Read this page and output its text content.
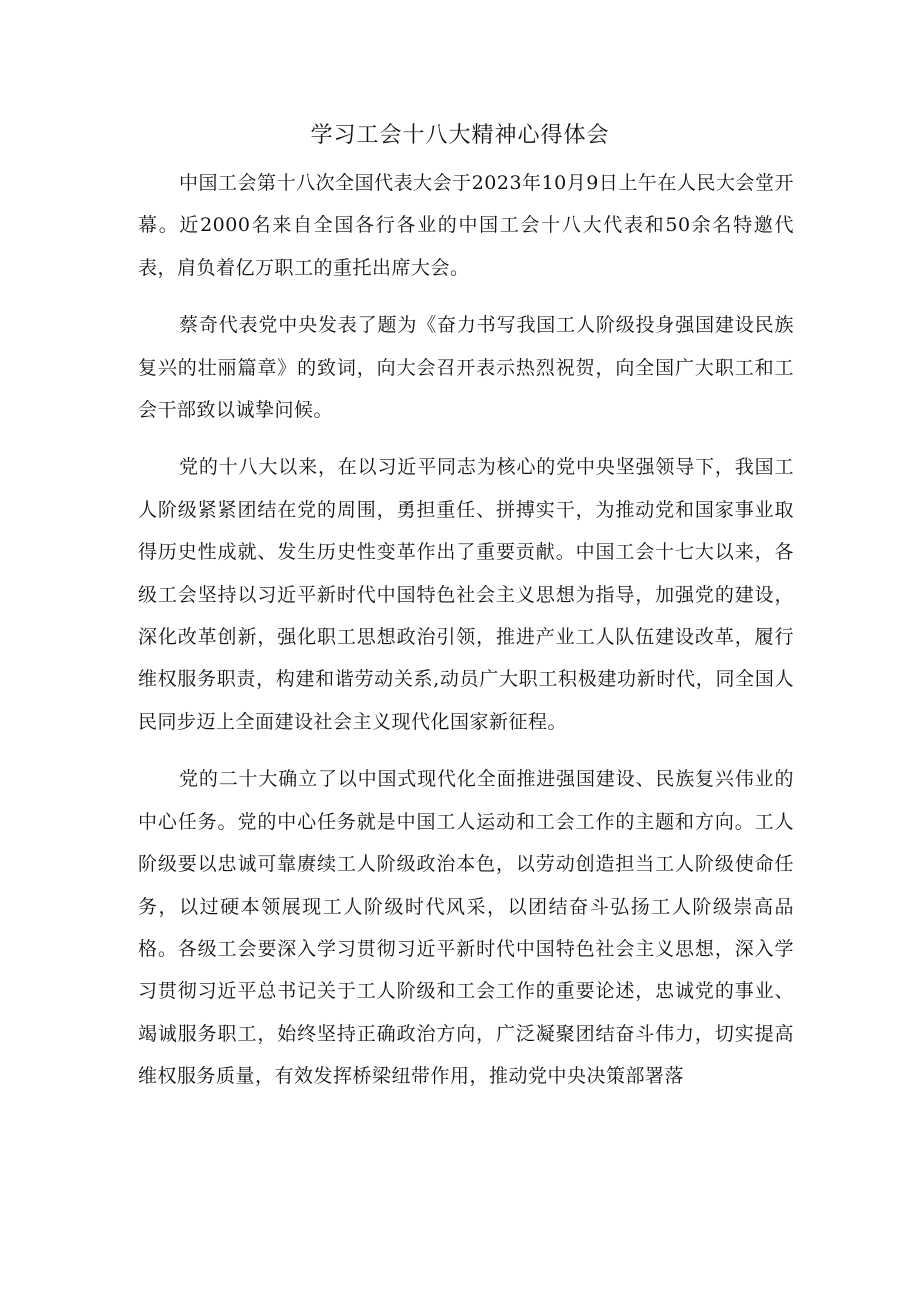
学习工会十八大精神心得体会

中国工会第十八次全国代表大会于2023年10月9日上午在人民大会堂开幕。近2000名来自全国各行各业的中国工会十八大代表和50余名特邀代表，肩负着亿万职工的重托出席大会。

蔡奇代表党中央发表了题为《奋力书写我国工人阶级投身强国建设民族复兴的壮丽篇章》的致词，向大会召开表示热烈祝贺，向全国广大职工和工会干部致以诚挚问候。

党的十八大以来，在以习近平同志为核心的党中央坚强领导下，我国工人阶级紧紧团结在党的周围，勇担重任、拼搏实干，为推动党和国家事业取得历史性成就、发生历史性变革作出了重要贡献。中国工会十七大以来，各级工会坚持以习近平新时代中国特色社会主义思想为指导，加强党的建设，深化改革创新，强化职工思想政治引领，推进产业工人队伍建设改革，履行维权服务职责，构建和谐劳动关系,动员广大职工积极建功新时代，同全国人民同步迈上全面建设社会主义现代化国家新征程。

党的二十大确立了以中国式现代化全面推进强国建设、民族复兴伟业的中心任务。党的中心任务就是中国工人运动和工会工作的主题和方向。工人阶级要以忠诚可靠赓续工人阶级政治本色，以劳动创造担当工人阶级使命任务，以过硬本领展现工人阶级时代风采，以团结奋斗弘扬工人阶级崇高品格。各级工会要深入学习贯彻习近平新时代中国特色社会主义思想，深入学习贯彻习近平总书记关于工人阶级和工会工作的重要论述，忠诚党的事业、竭诚服务职工，始终坚持正确政治方向，广泛凝聚团结奋斗伟力，切实提高维权服务质量，有效发挥桥梁纽带作用，推动党中央决策部署落
